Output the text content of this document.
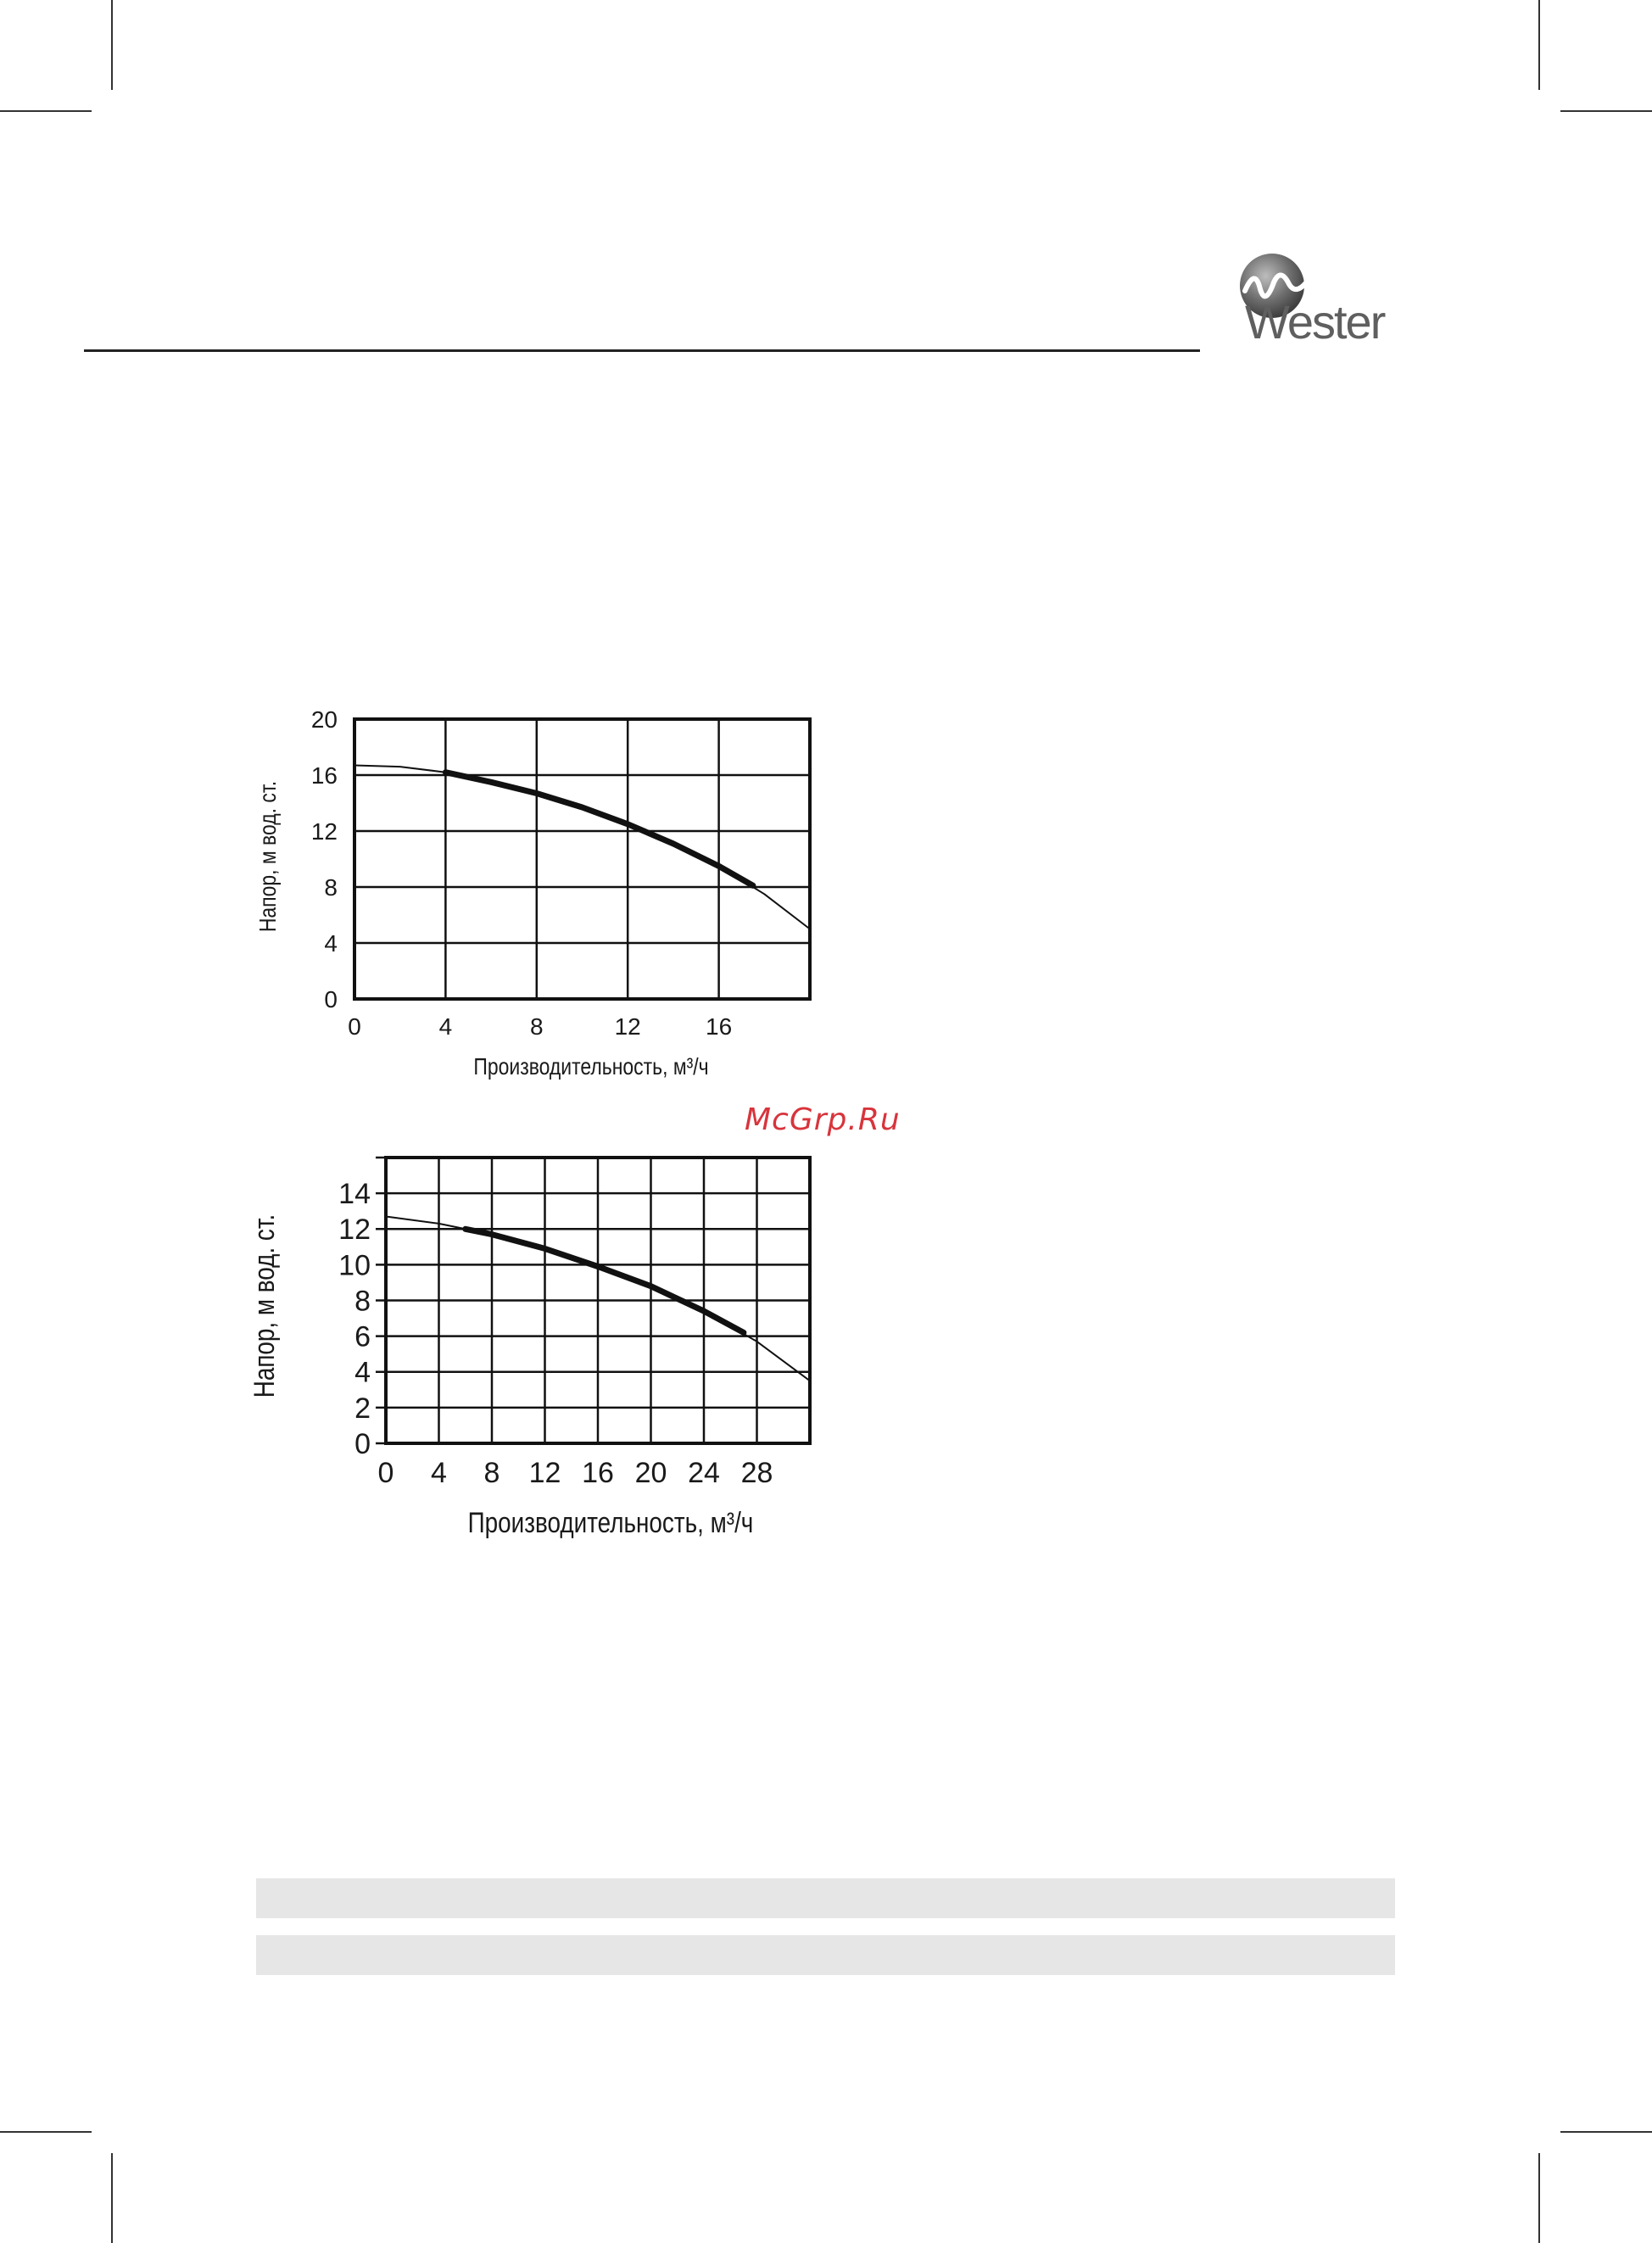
Wester
McGrp.Ru
0
4
8
12
16
20
0	4	8	12	16
Производительность, м³/ч
Напор, м вод. ст.
0
2
4
6
8
10
12
14
0 4 8 12 16 20 24 28
Производительность, м³/ч
Напор, м вод. ст.
